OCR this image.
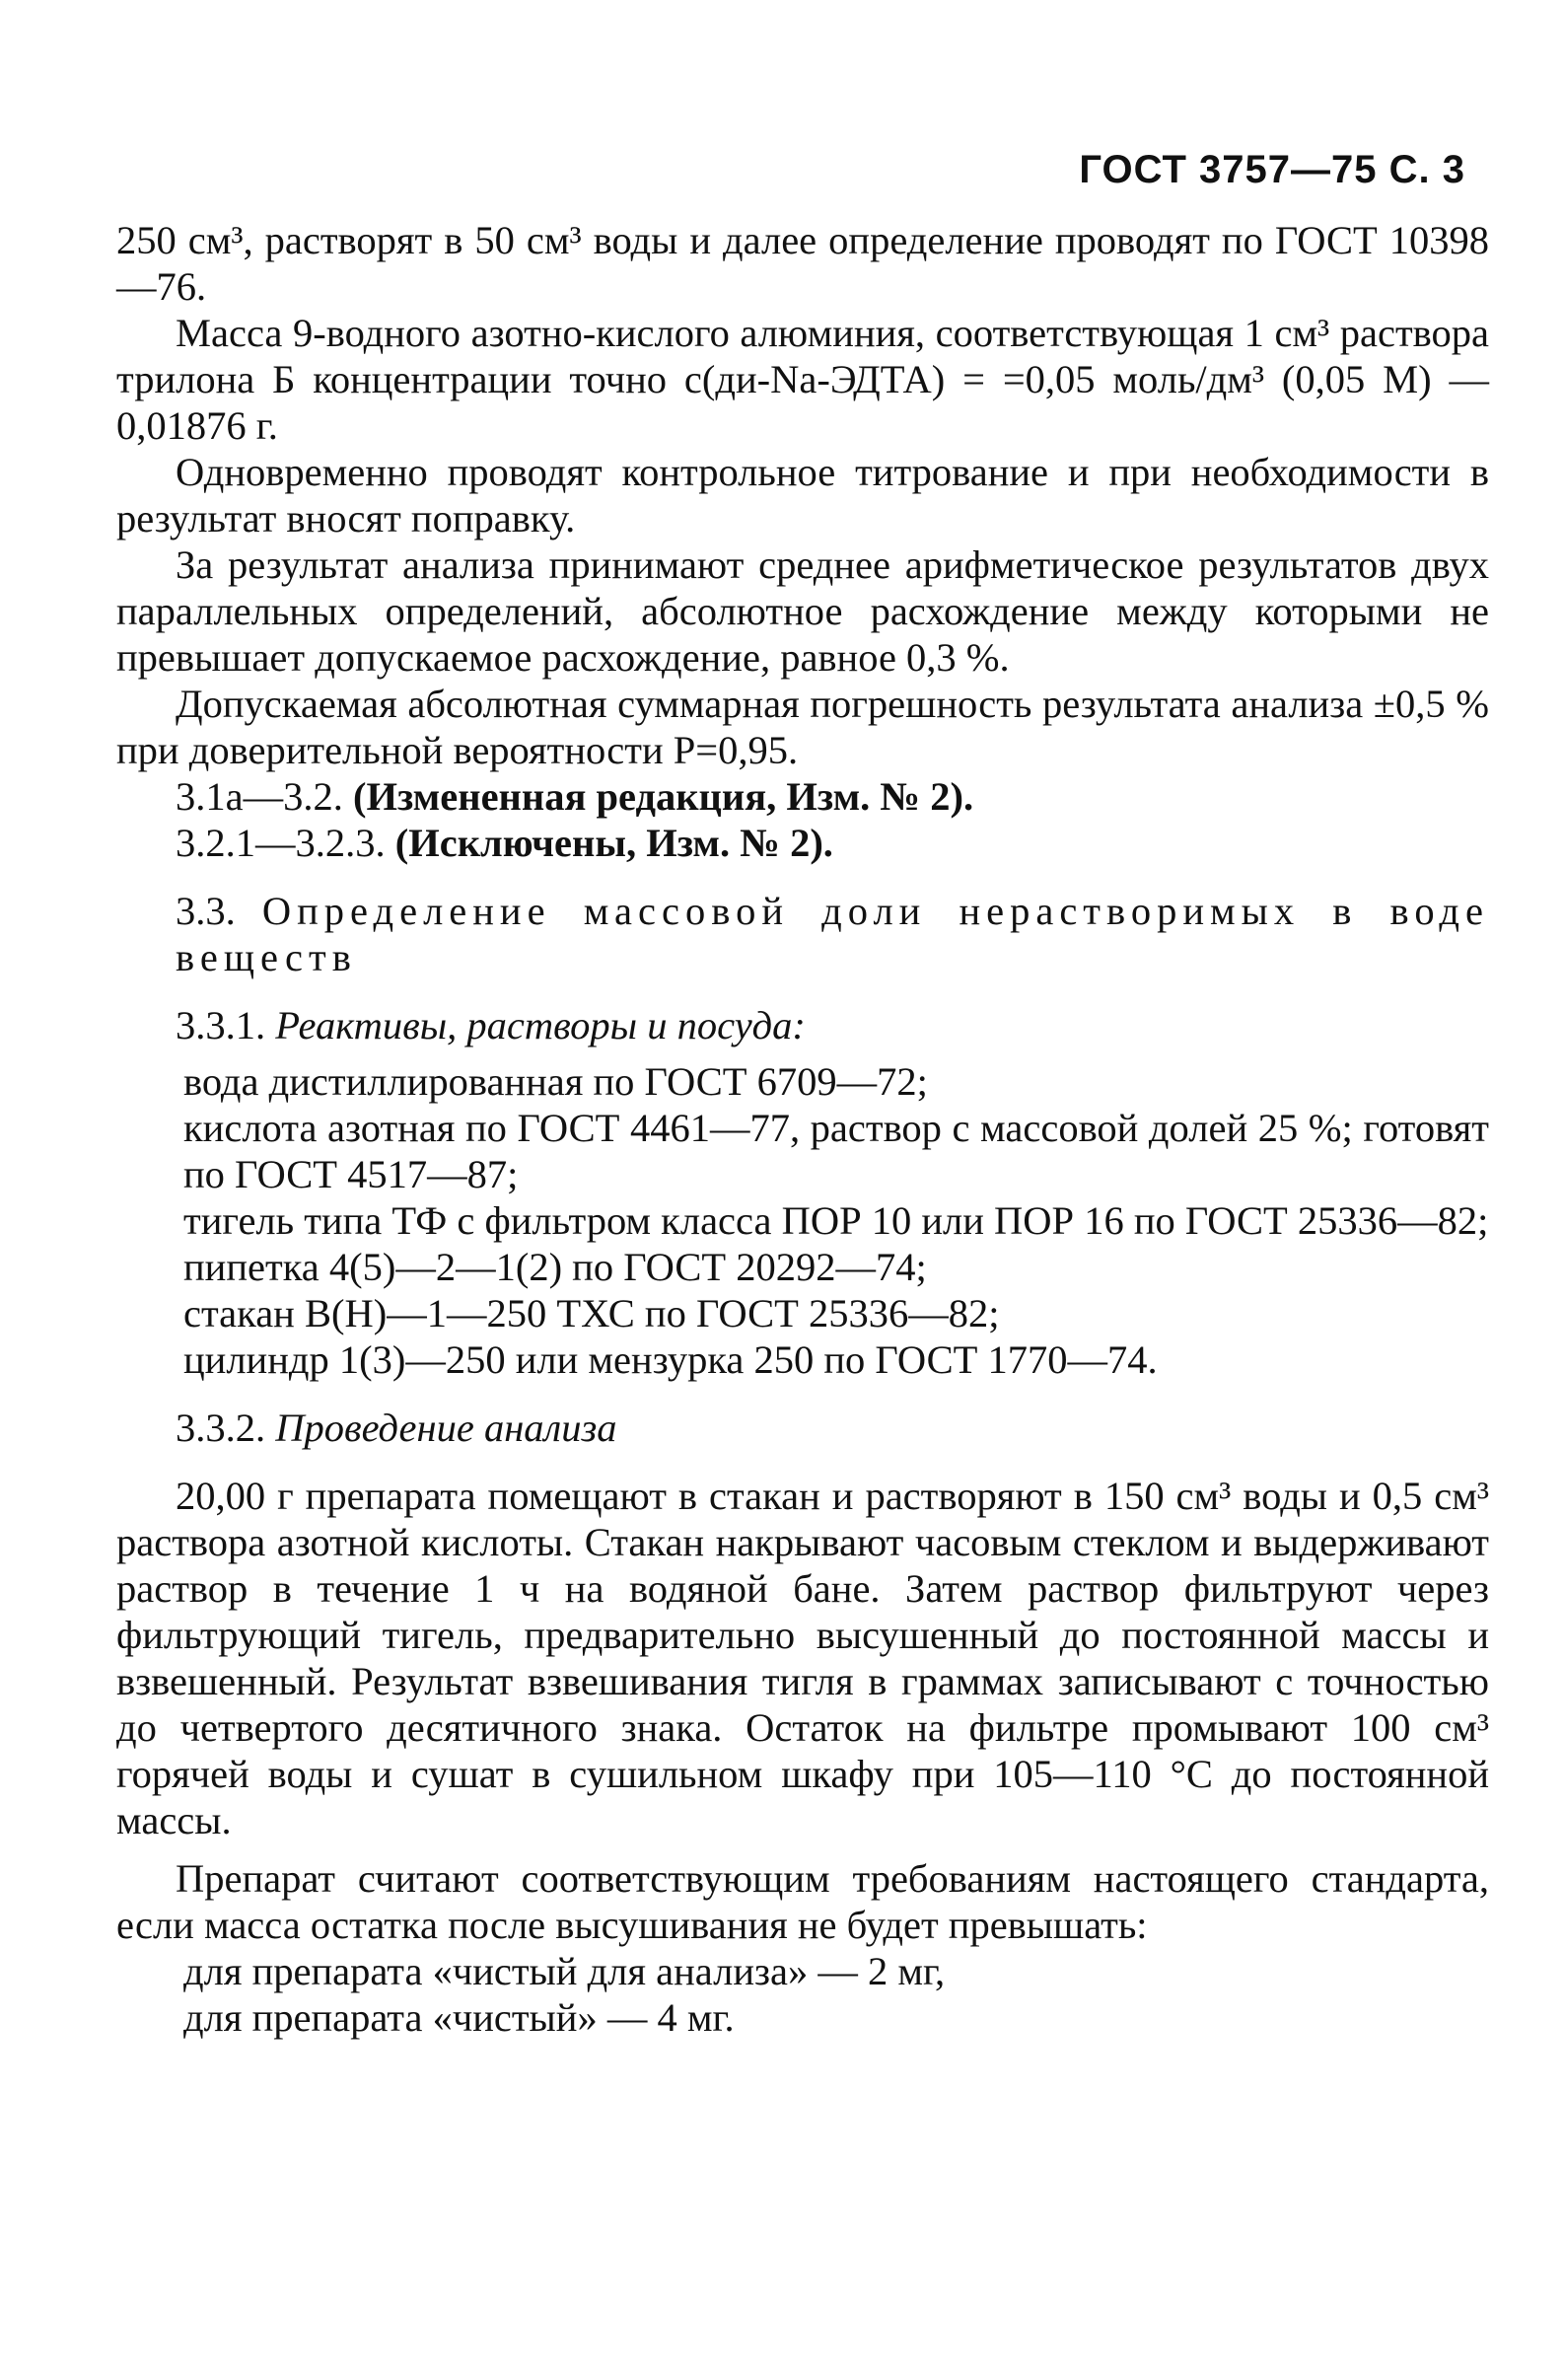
ГОСТ 3757—75 С. 3

250 см³, растворят в 50 см³ воды и далее определение проводят по ГОСТ 10398—76.

Масса 9-водного азотно-кислого алюминия, соответствующая 1 см³ раствора трилона Б концентрации точно c(ди-Na-ЭДТА) = =0,05 моль/дм³ (0,05 М) — 0,01876 г.

Одновременно проводят контрольное титрование и при необходимости в результат вносят поправку.

За результат анализа принимают среднее арифметическое результатов двух параллельных определений, абсолютное расхождение между которыми не превышает допускаемое расхождение, равное 0,3 %.

Допускаемая абсолютная суммарная погрешность результата анализа ±0,5 % при доверительной вероятности P=0,95.

3.1а—3.2. (Измененная редакция, Изм. № 2).

3.2.1—3.2.3. (Исключены, Изм. № 2).

3.3. Определение массовой доли нерастворимых в воде веществ

3.3.1. Реактивы, растворы и посуда:

вода дистиллированная по ГОСТ 6709—72;

кислота азотная по ГОСТ 4461—77, раствор с массовой долей 25 %; готовят по ГОСТ 4517—87;

тигель типа ТФ с фильтром класса ПОР 10 или ПОР 16 по ГОСТ 25336—82;

пипетка 4(5)—2—1(2) по ГОСТ 20292—74;

стакан В(Н)—1—250 ТХС по ГОСТ 25336—82;

цилиндр 1(3)—250 или мензурка 250 по ГОСТ 1770—74.

3.3.2. Проведение анализа

20,00 г препарата помещают в стакан и растворяют в 150 см³ воды и 0,5 см³ раствора азотной кислоты. Стакан накрывают часовым стеклом и выдерживают раствор в течение 1 ч на водяной бане. Затем раствор фильтруют через фильтрующий тигель, предварительно высушенный до постоянной массы и взвешенный. Результат взвешивания тигля в граммах записывают с точностью до четвертого десятичного знака. Остаток на фильтре промывают 100 см³ горячей воды и сушат в сушильном шкафу при 105—110 °С до постоянной массы.

Препарат считают соответствующим требованиям настоящего стандарта, если масса остатка после высушивания не будет превышать:

для препарата «чистый для анализа» — 2 мг,

для препарата «чистый» — 4 мг.
